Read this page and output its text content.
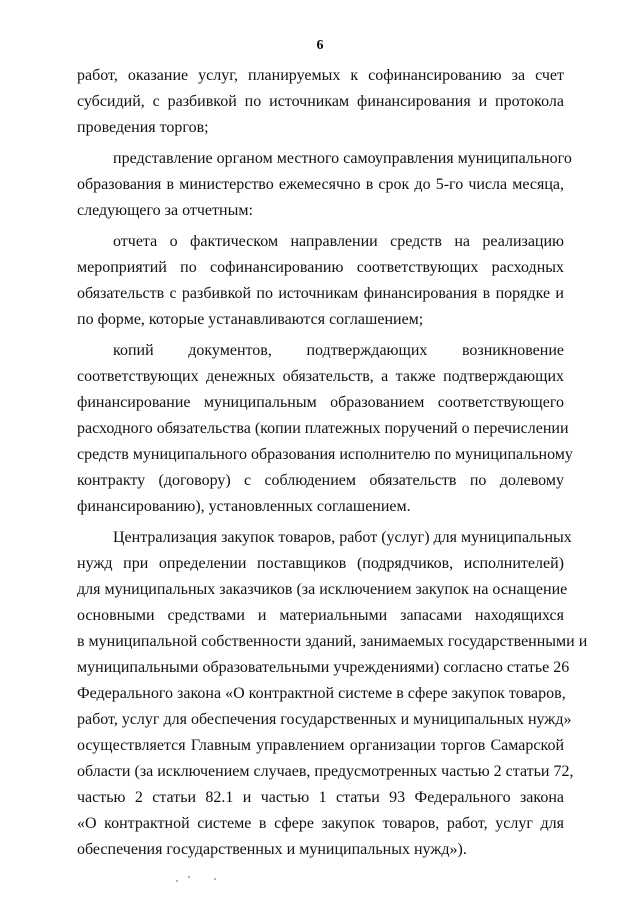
6
работ, оказание услуг, планируемых к софинансированию за счет
субсидий, с разбивкой по источникам финансирования и протокола
проведения торгов;
представление органом местного самоуправления муниципального
образования в министерство ежемесячно в срок до 5-го числа месяца,
следующего за отчетным:
отчета о фактическом направлении средств на реализацию
мероприятий по софинансированию соответствующих расходных
обязательств с разбивкой по источникам финансирования в порядке и
по форме, которые устанавливаются соглашением;
копий документов, подтверждающих возникновение
соответствующих денежных обязательств, а также подтверждающих
финансирование муниципальным образованием соответствующего
расходного обязательства (копии платежных поручений о перечислении
средств муниципального образования исполнителю по муниципальному
контракту (договору) с соблюдением обязательств по долевому
финансированию), установленных соглашением.
Централизация закупок товаров, работ (услуг) для муниципальных
нужд при определении поставщиков (подрядчиков, исполнителей)
для муниципальных заказчиков (за исключением закупок на оснащение
основными средствами и материальными запасами находящихся
в муниципальной собственности зданий, занимаемых государственными и
муниципальными образовательными учреждениями) согласно статье 26
Федерального закона «О контрактной системе в сфере закупок товаров,
работ, услуг для обеспечения государственных и муниципальных нужд»
осуществляется Главным управлением организации торгов Самарской
области (за исключением случаев, предусмотренных частью 2 статьи 72,
частью 2 статьи 82.1 и частью 1 статьи 93 Федерального закона
«О контрактной системе в сфере закупок товаров, работ, услуг для
обеспечения государственных и муниципальных нужд»).
